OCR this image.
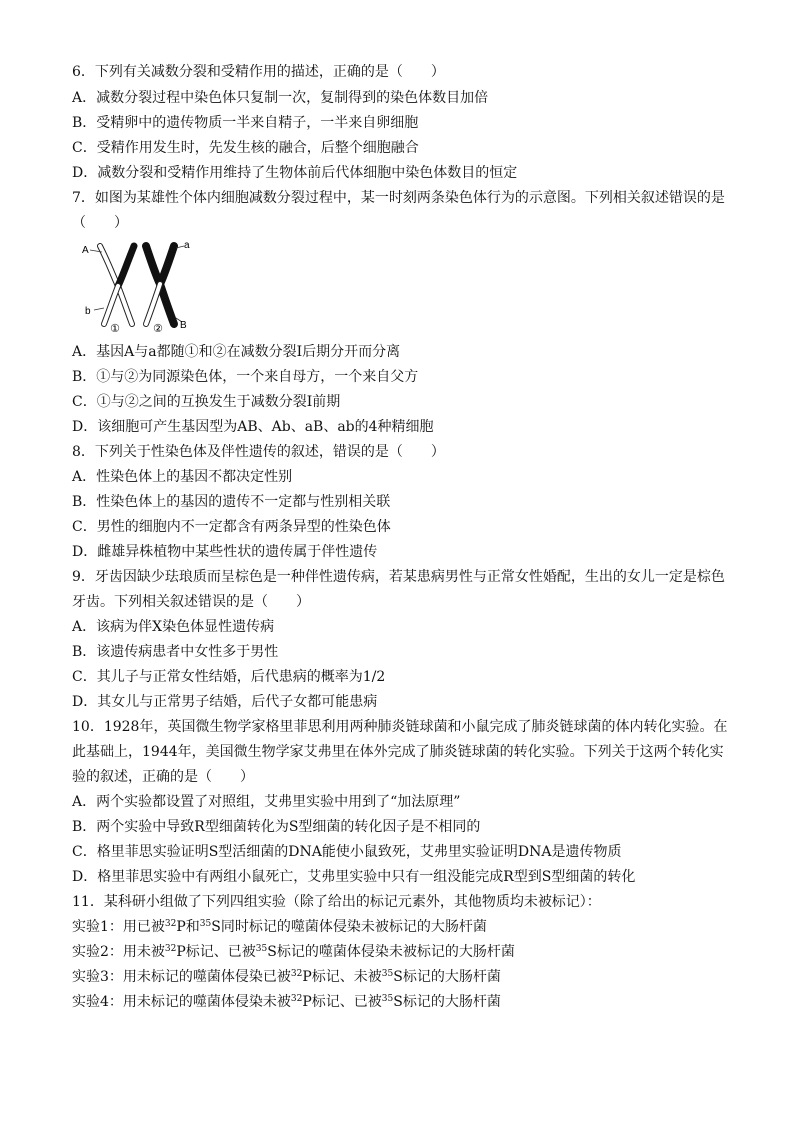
6．下列有关减数分裂和受精作用的描述，正确的是（　　）
A．减数分裂过程中染色体只复制一次，复制得到的染色体数目加倍
B．受精卵中的遗传物质一半来自精子，一半来自卵细胞
C．受精作用发生时，先发生核的融合，后整个细胞融合
D．减数分裂和受精作用维持了生物体前后代体细胞中染色体数目的恒定
7．如图为某雄性个体内细胞减数分裂过程中，某一时刻两条染色体行为的示意图。下列相关叙述错误的是
（　　）
A	a
b
B
①	②
A．基因A与a都随①和②在减数分裂Ⅰ后期分开而分离
B．①与②为同源染色体，一个来自母方，一个来自父方
C．①与②之间的互换发生于减数分裂Ⅰ前期
D．该细胞可产生基因型为AB、Ab、aB、ab的4种精细胞
8．下列关于性染色体及伴性遗传的叙述，错误的是（　　）
A．性染色体上的基因不都决定性别
B．性染色体上的基因的遗传不一定都与性别相关联
C．男性的细胞内不一定都含有两条异型的性染色体
D．雌雄异株植物中某些性状的遗传属于伴性遗传
9．牙齿因缺少珐琅质而呈棕色是一种伴性遗传病，若某患病男性与正常女性婚配，生出的女儿一定是棕色
牙齿。下列相关叙述错误的是（　　）
A．该病为伴X染色体显性遗传病
B．该遗传病患者中女性多于男性
C．其儿子与正常女性结婚，后代患病的概率为1/2
D．其女儿与正常男子结婚，后代子女都可能患病
10．1928年，英国微生物学家格里菲思利用两种肺炎链球菌和小鼠完成了肺炎链球菌的体内转化实验。在
此基础上，1944年，美国微生物学家艾弗里在体外完成了肺炎链球菌的转化实验。下列关于这两个转化实
验的叙述，正确的是（　　）
A．两个实验都设置了对照组，艾弗里实验中用到了“加法原理”
B．两个实验中导致R型细菌转化为S型细菌的转化因子是不相同的
C．格里菲思实验证明S型活细菌的DNA能使小鼠致死，艾弗里实验证明DNA是遗传物质
D．格里菲思实验中有两组小鼠死亡，艾弗里实验中只有一组没能完成R型到S型细菌的转化
11．某科研小组做了下列四组实验（除了给出的标记元素外，其他物质均未被标记）：
实验1：用已被$^{32}$P和$^{35}$S同时标记的噬菌体侵染未被标记的大肠杆菌
实验2：用未被$^{32}$P标记、已被$^{35}$S标记的噬菌体侵染未被标记的大肠杆菌
实验3：用未标记的噬菌体侵染已被$^{32}$P标记、未被$^{35}$S标记的大肠杆菌
实验4：用未标记的噬菌体侵染未被$^{32}$P标记、已被$^{35}$S标记的大肠杆菌
